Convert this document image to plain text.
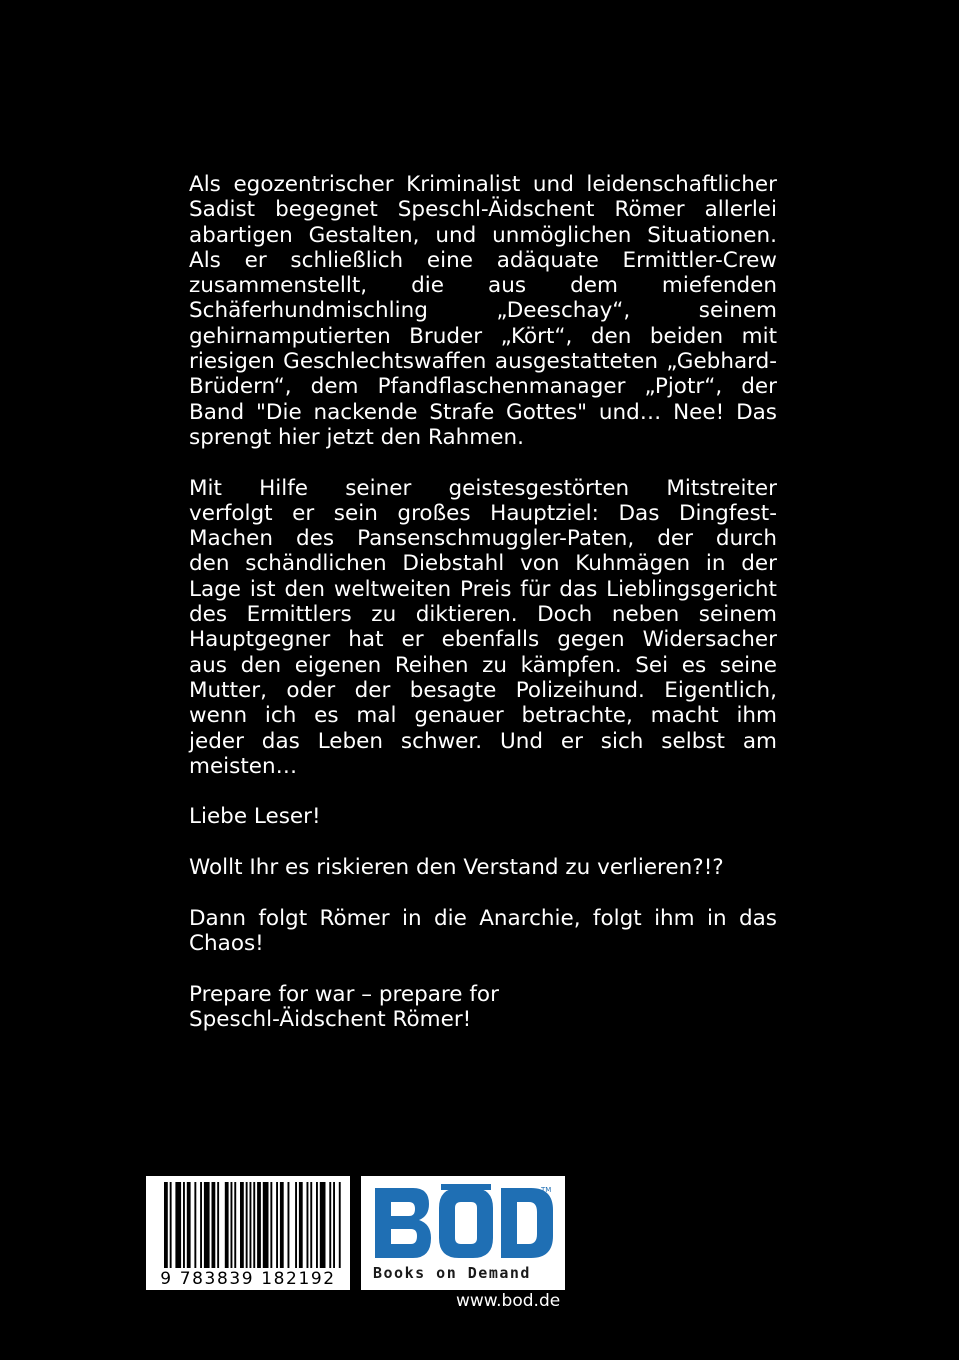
Als egozentrischer Kriminalist und leidenschaftlicher
Sadist begegnet Speschl-Äidschent Römer allerlei
abartigen Gestalten, und unmöglichen Situationen.
Als er schließlich eine adäquate Ermittler-Crew
zusammenstellt, die aus dem miefenden
Schäferhundmischling „Deeschay“, seinem
gehirnamputierten Bruder „Kört“, den beiden mit
riesigen Geschlechtswaffen ausgestatteten „Gebhard-
Brüdern“, dem Pfandflaschenmanager „Pjotr“, der
Band "Die nackende Strafe Gottes" und… Nee! Das
sprengt hier jetzt den Rahmen.

Mit Hilfe seiner geistesgestörten Mitstreiter
verfolgt er sein großes Hauptziel: Das Dingfest-
Machen des Pansenschmuggler-Paten, der durch
den schändlichen Diebstahl von Kuhmägen in der
Lage ist den weltweiten Preis für das Lieblingsgericht
des Ermittlers zu diktieren. Doch neben seinem
Hauptgegner hat er ebenfalls gegen Widersacher
aus den eigenen Reihen zu kämpfen. Sei es seine
Mutter, oder der besagte Polizeihund. Eigentlich,
wenn ich es mal genauer betrachte, macht ihm
jeder das Leben schwer. Und er sich selbst am
meisten…

Liebe Leser!

Wollt Ihr es riskieren den Verstand zu verlieren?!?

Dann folgt Römer in die Anarchie, folgt ihm in das
Chaos!

Prepare for war – prepare for
Speschl-Äidschent Römer!

9 783839 182192
TM
Books on Demand
www.bod.de
